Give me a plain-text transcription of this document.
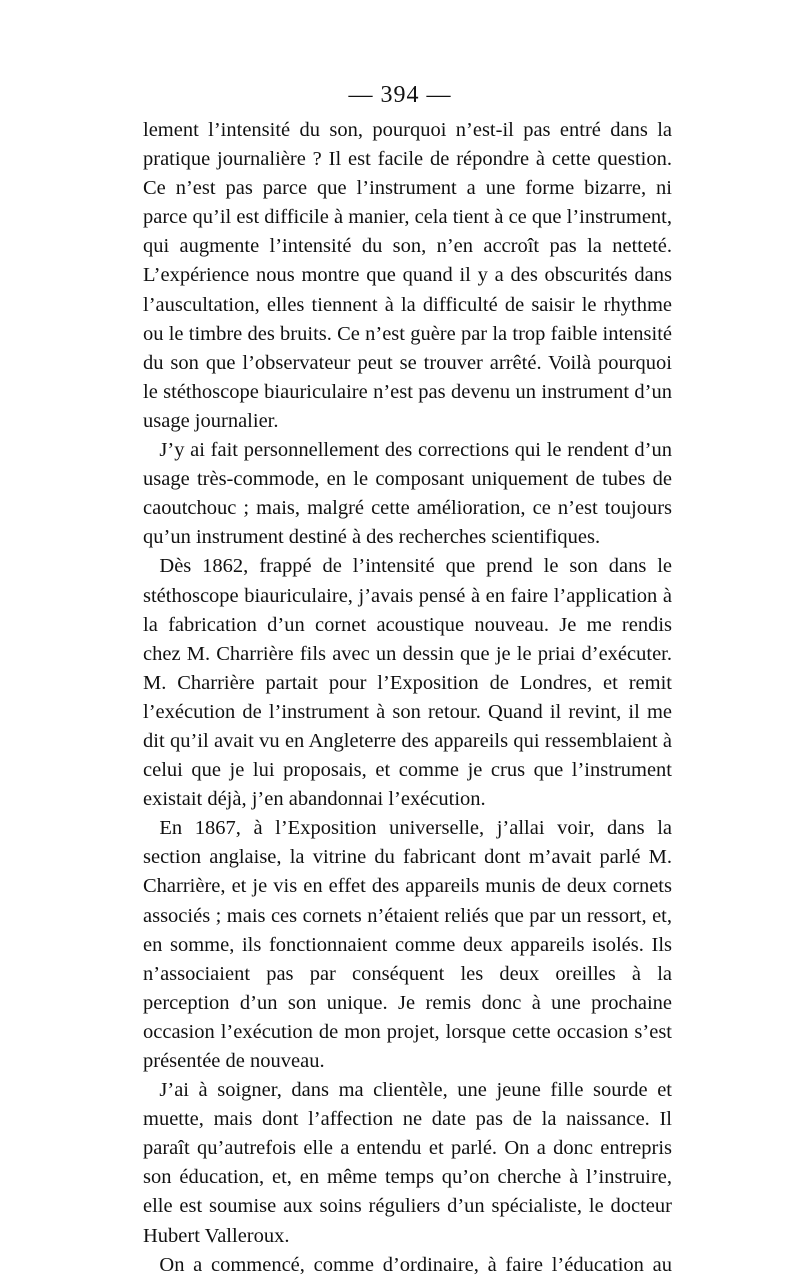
— 394 —

lement l’intensité du son, pourquoi n’est-il pas entré dans la pratique journalière ? Il est facile de répondre à cette question. Ce n’est pas parce que l’instrument a une forme bizarre, ni parce qu’il est difficile à manier, cela tient à ce que l’instrument, qui augmente l’intensité du son, n’en accroît pas la netteté. L’expérience nous montre que quand il y a des obscurités dans l’auscultation, elles tiennent à la difficulté de saisir le rhythme ou le timbre des bruits. Ce n’est guère par la trop faible intensité du son que l’observateur peut se trouver arrêté. Voilà pourquoi le stéthoscope biauriculaire n’est pas devenu un instrument d’un usage journalier.

J’y ai fait personnellement des corrections qui le rendent d’un usage très-commode, en le composant uniquement de tubes de caoutchouc ; mais, malgré cette amélioration, ce n’est toujours qu’un instrument destiné à des recherches scientifiques.

Dès 1862, frappé de l’intensité que prend le son dans le stéthoscope biauriculaire, j’avais pensé à en faire l’application à la fabrication d’un cornet acoustique nouveau. Je me rendis chez M. Charrière fils avec un dessin que je le priai d’exécuter. M. Charrière partait pour l’Exposition de Londres, et remit l’exécution de l’instrument à son retour. Quand il revint, il me dit qu’il avait vu en Angleterre des appareils qui ressemblaient à celui que je lui proposais, et comme je crus que l’instrument existait déjà, j’en abandonnai l’exécution.

En 1867, à l’Exposition universelle, j’allai voir, dans la section anglaise, la vitrine du fabricant dont m’avait parlé M. Charrière, et je vis en effet des appareils munis de deux cornets associés ; mais ces cornets n’étaient reliés que par un ressort, et, en somme, ils fonctionnaient comme deux appareils isolés. Ils n’associaient pas par conséquent les deux oreilles à la perception d’un son unique. Je remis donc à une prochaine occasion l’exécution de mon projet, lorsque cette occasion s’est présentée de nouveau.

J’ai à soigner, dans ma clientèle, une jeune fille sourde et muette, mais dont l’affection ne date pas de la naissance. Il paraît qu’autrefois elle a entendu et parlé. On a donc entrepris son éducation, et, en même temps qu’on cherche à l’instruire, elle est soumise aux soins réguliers d’un spécialiste, le docteur Hubert Valleroux.

On a commencé, comme d’ordinaire, à faire l’éducation au
